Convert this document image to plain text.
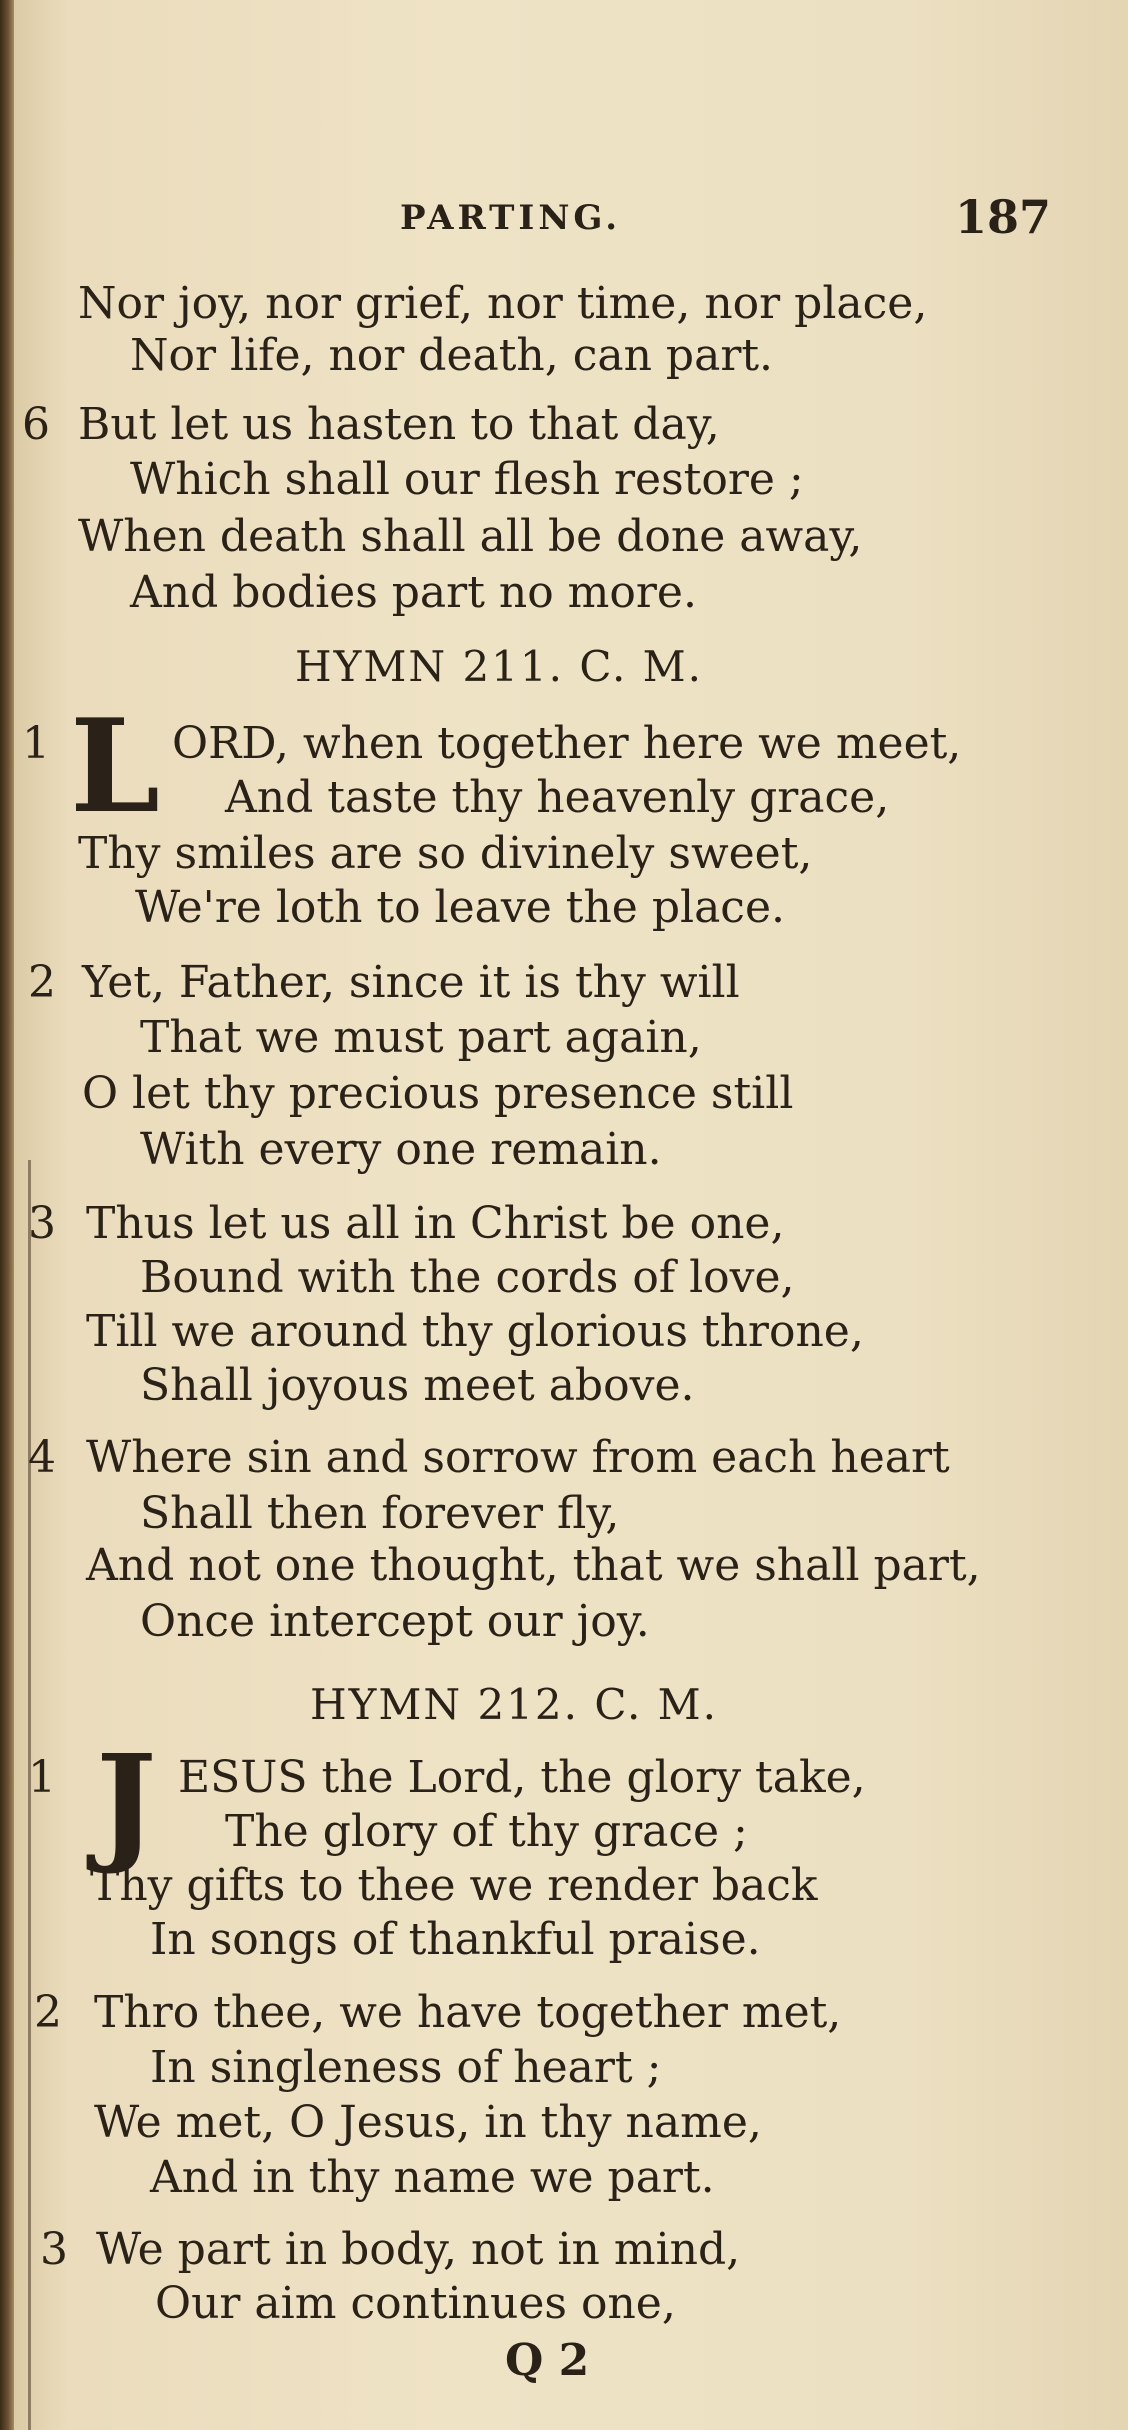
PARTING.	187
Nor joy, nor grief, nor time, nor place,
Nor life, nor death, can part.
6 But let us hasten to that day,
Which shall our flesh restore ;
When death shall all be done away,
And bodies part no more.
HYMN 211. C. M.
1 L ORD, when together here we meet,
And taste thy heavenly grace,
Thy smiles are so divinely sweet,
We're loth to leave the place.
2 Yet, Father, since it is thy will
That we must part again,
O let thy precious presence still
With every one remain.
3 Thus let us all in Christ be one,
Bound with the cords of love,
Till we around thy glorious throne,
Shall joyous meet above.
4 Where sin and sorrow from each heart
Shall then forever fly,
And not one thought, that we shall part,
Once intercept our joy.
HYMN 212. C. M.
1 J ESUS the Lord, the glory take,
The glory of thy grace ;
Thy gifts to thee we render back
In songs of thankful praise.
2 Thro thee, we have together met,
In singleness of heart ;
We met, O Jesus, in thy name,
And in thy name we part.
3 We part in body, not in mind,
Our aim continues one,
Q 2
